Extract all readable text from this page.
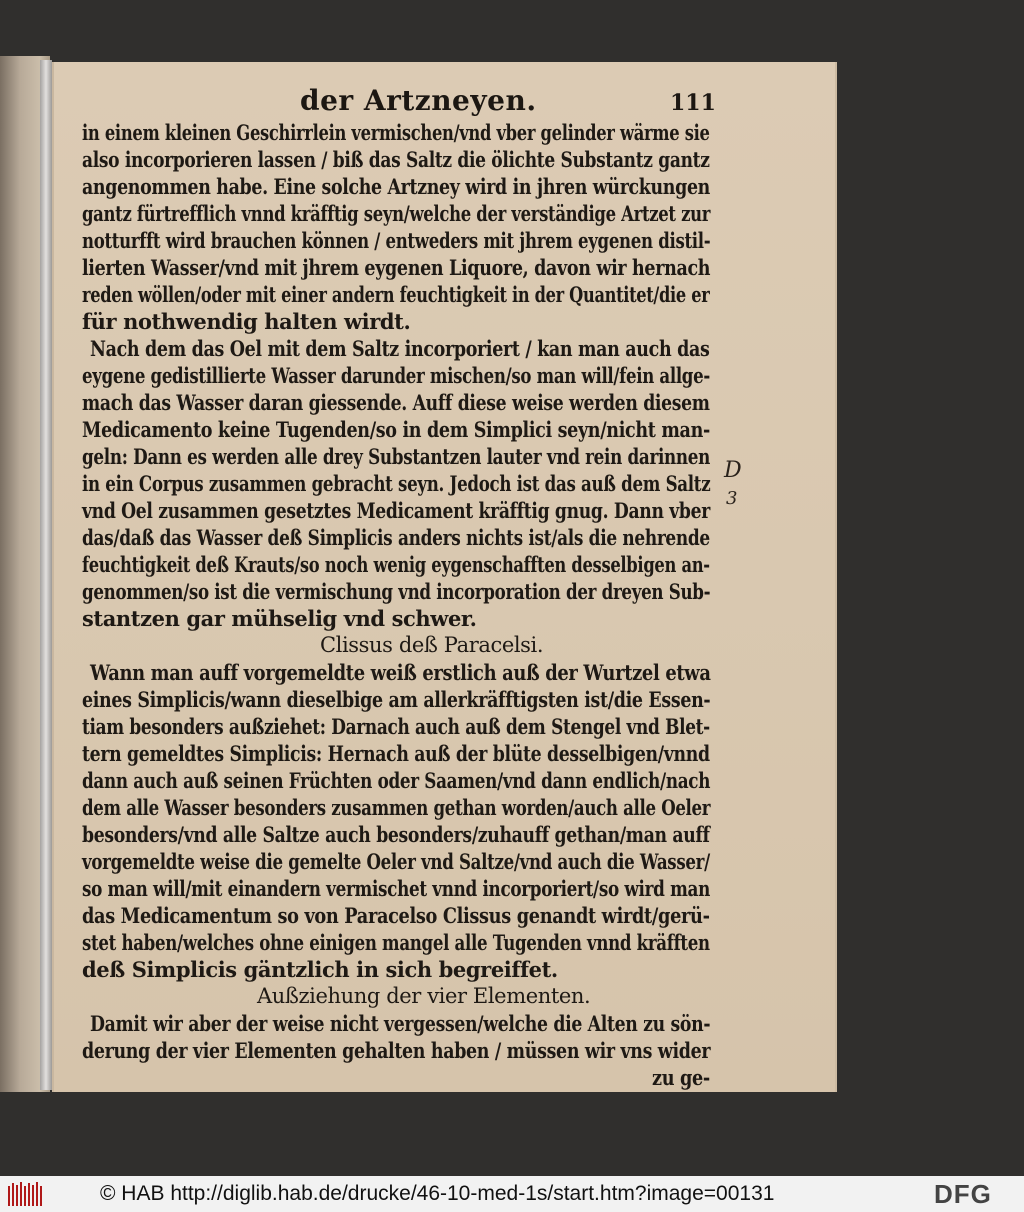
der Artzneyen.	111
in einem kleinen Geschirrlein vermischen/vnd vber gelinder wärme sie
also incorporieren lassen / biß das Saltz die ölichte Substantz gantz
angenommen habe. Eine solche Artzney wird in jhren würckungen
gantz fürtrefflich vnnd kräfftig seyn/welche der verständige Artzet zur
notturfft wird brauchen können / entweders mit jhrem eygenen distil-
lierten Wasser/vnd mit jhrem eygenen Liquore, davon wir hernach
reden wöllen/oder mit einer andern feuchtigkeit in der Quantitet/die er
für nothwendig halten wirdt.
Nach dem das Oel mit dem Saltz incorporiert / kan man auch das
eygene gedistillierte Wasser darunder mischen/so man will/fein allge-
mach das Wasser daran giessende. Auff diese weise werden diesem
Medicamento keine Tugenden/so in dem Simplici seyn/nicht man-
geln: Dann es werden alle drey Substantzen lauter vnd rein darinnen
in ein Corpus zusammen gebracht seyn. Jedoch ist das auß dem Saltz
vnd Oel zusammen gesetztes Medicament kräfftig gnug. Dann vber
das/daß das Wasser deß Simplicis anders nichts ist/als die nehrende
feuchtigkeit deß Krauts/so noch wenig eygenschafften desselbigen an-
genommen/so ist die vermischung vnd incorporation der dreyen Sub-
stantzen gar mühselig vnd schwer.
Clissus deß Paracelsi.
Wann man auff vorgemeldte weiß erstlich auß der Wurtzel etwa
eines Simplicis/wann dieselbige am allerkräfftigsten ist/die Essen-
tiam besonders außziehet: Darnach auch auß dem Stengel vnd Blet-
tern gemeldtes Simplicis: Hernach auß der blüte desselbigen/vnnd
dann auch auß seinen Früchten oder Saamen/vnd dann endlich/nach
dem alle Wasser besonders zusammen gethan worden/auch alle Oeler
besonders/vnd alle Saltze auch besonders/zuhauff gethan/man auff
vorgemeldte weise die gemelte Oeler vnd Saltze/vnd auch die Wasser/
so man will/mit einandern vermischet vnnd incorporiert/so wird man
das Medicamentum so von Paracelso Clissus genandt wirdt/gerü-
stet haben/welches ohne einigen mangel alle Tugenden vnnd kräfften
deß Simplicis gäntzlich in sich begreiffet.
Außziehung der vier Elementen.
Damit wir aber der weise nicht vergessen/welche die Alten zu sön-
derung der vier Elementen gehalten haben / müssen wir vns wider
zu ge-
D
3
© HAB http://diglib.hab.de/drucke/46-10-med-1s/start.htm?image=00131	DFG
